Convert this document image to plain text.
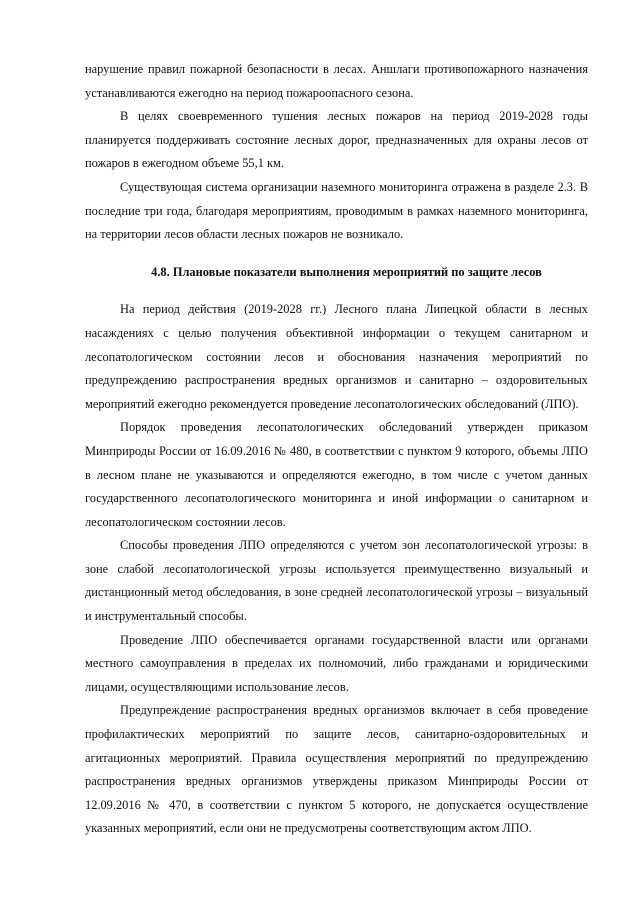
нарушение правил пожарной безопасности в лесах. Аншлаги противопожарного назначения устанавливаются ежегодно на период пожароопасного сезона.

В целях своевременного тушения лесных пожаров на период 2019-2028 годы планируется поддерживать состояние лесных дорог, предназначенных для охраны лесов от пожаров в ежегодном объеме 55,1 км.

Существующая система организации наземного мониторинга отражена в разделе 2.3. В последние три года, благодаря мероприятиям, проводимым в рамках наземного мониторинга, на территории лесов области лесных пожаров не возникало.

4.8. Плановые показатели выполнения мероприятий по защите лесов

На период действия (2019-2028 гг.) Лесного плана Липецкой области в лесных насаждениях с целью получения объективной информации о текущем санитарном и лесопатологическом состоянии лесов и обоснования назначения мероприятий по предупреждению распространения вредных организмов и санитарно – оздоровительных мероприятий ежегодно рекомендуется проведение лесопатологических обследований (ЛПО).

Порядок проведения лесопатологических обследований утвержден приказом Минприроды России от 16.09.2016 № 480, в соответствии с пунктом 9 которого, объемы ЛПО в лесном плане не указываются и определяются ежегодно, в том числе с учетом данных государственного лесопатологического мониторинга и иной информации о санитарном и лесопатологическом состоянии лесов.

Способы проведения ЛПО определяются с учетом зон лесопатологической угрозы: в зоне слабой лесопатологической угрозы используется преимущественно визуальный и дистанционный метод обследования, в зоне средней лесопатологической угрозы – визуальный и инструментальный способы.

Проведение ЛПО обеспечивается органами государственной власти или органами местного самоуправления в пределах их полномочий, либо гражданами и юридическими лицами, осуществляющими использование лесов.

Предупреждение распространения вредных организмов включает в себя проведение профилактических мероприятий по защите лесов, санитарно-оздоровительных и агитационных мероприятий. Правила осуществления мероприятий по предупреждению распространения вредных организмов утверждены приказом Минприроды России от 12.09.2016 № 470, в соответствии с пунктом 5 которого, не допускается осуществление указанных мероприятий, если они не предусмотрены соответствующим актом ЛПО.
